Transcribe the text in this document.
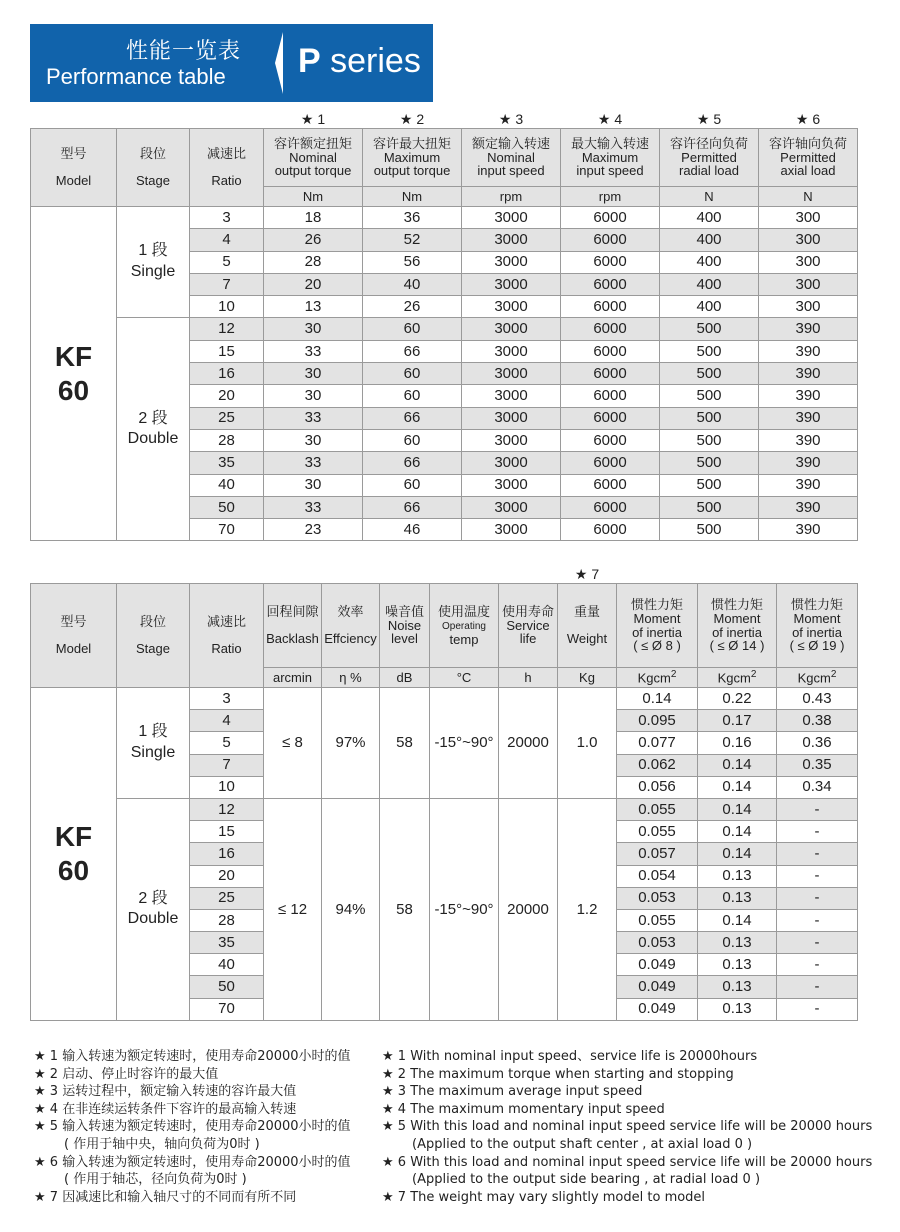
性能一览表
Performance table P series
			★ 1	★ 2	★ 3	★ 4	★ 5	★ 6
型号

Model	段位

Stage	减速比

Ratio	容许额定扭矩
Nominal
output torque	容许最大扭矩
Maximum
output torque	额定输入转速
Nominal
input speed	最大输入转速
Maximum
input speed	容许径向负荷
Permitted
radial load	容许轴向负荷
Permitted
axial load
			Nm	Nm	rpm	rpm	N	N
KF
60	1 段
Single	3	18	36	3000	6000	400	300
		4	26	52	3000	6000	400	300
		5	28	56	3000	6000	400	300
		7	20	40	3000	6000	400	300
		10	13	26	3000	6000	400	300
	2 段
Double	12	30	60	3000	6000	500	390
		15	33	66	3000	6000	500	390
		16	30	60	3000	6000	500	390
		20	30	60	3000	6000	500	390
		25	33	66	3000	6000	500	390
		28	30	60	3000	6000	500	390
		35	33	66	3000	6000	500	390
		40	30	60	3000	6000	500	390
		50	33	66	3000	6000	500	390
		70	23	46	3000	6000	500	390
								★ 7			
型号

Model	段位

Stage	减速比

Ratio	回程间隙

Backlash	效率

Effciency	噪音值
Noise
level	使用温度
Operating
temp	使用寿命
Service
life	重量

Weight	惯性力矩
Moment
of inertia
( ≤ Ø 8 )	惯性力矩
Moment
of inertia
( ≤ Ø 14 )	惯性力矩
Moment
of inertia
( ≤ Ø 19 )
			arcmin	η %	dB	°C	h	Kg	Kgcm$^2$	Kgcm$^2$	Kgcm$^2$
KF
60	1 段
Single	3	≤ 8	97%	58	-15°~90°	20000	1.0	0.14	0.22	0.43
		4							0.095	0.17	0.38
		5							0.077	0.16	0.36
		7							0.062	0.14	0.35
		10							0.056	0.14	0.34
	2 段
Double	12	≤ 12	94%	58	-15°~90°	20000	1.2	0.055	0.14	-
		15							0.055	0.14	-
		16							0.057	0.14	-
		20							0.054	0.13	-
		25							0.053	0.13	-
		28							0.055	0.14	-
		35							0.053	0.13	-
		40							0.049	0.13	-
		50							0.049	0.13	-
		70							0.049	0.13	-
★ 1 输入转速为额定转速时，使用寿命20000小时的值
★ 2 启动、停止时容许的最大值
★ 3 运转过程中，额定输入转速的容许最大值
★ 4 在非连续运转条件下容许的最高输入转速
★ 5 输入转速为额定转速时，使用寿命20000小时的值
( 作用于轴中央，轴向负荷为0时 )
★ 6 输入转速为额定转速时，使用寿命20000小时的值
( 作用于轴芯，径向负荷为0时 )
★ 7 因减速比和输入轴尺寸的不同而有所不同
★ 1 With nominal input speed、service life is 20000hours
★ 2 The maximum torque when starting and stopping
★ 3 The maximum average input speed
★ 4 The maximum momentary input speed
★ 5 With this load and nominal input speed service life will be 20000 hours
(Applied to the output shaft center , at axial load 0 )
★ 6 With this load and nominal input speed service life will be 20000 hours
(Applied to the output side bearing , at radial load 0 )
★ 7 The weight may vary slightly model to model
